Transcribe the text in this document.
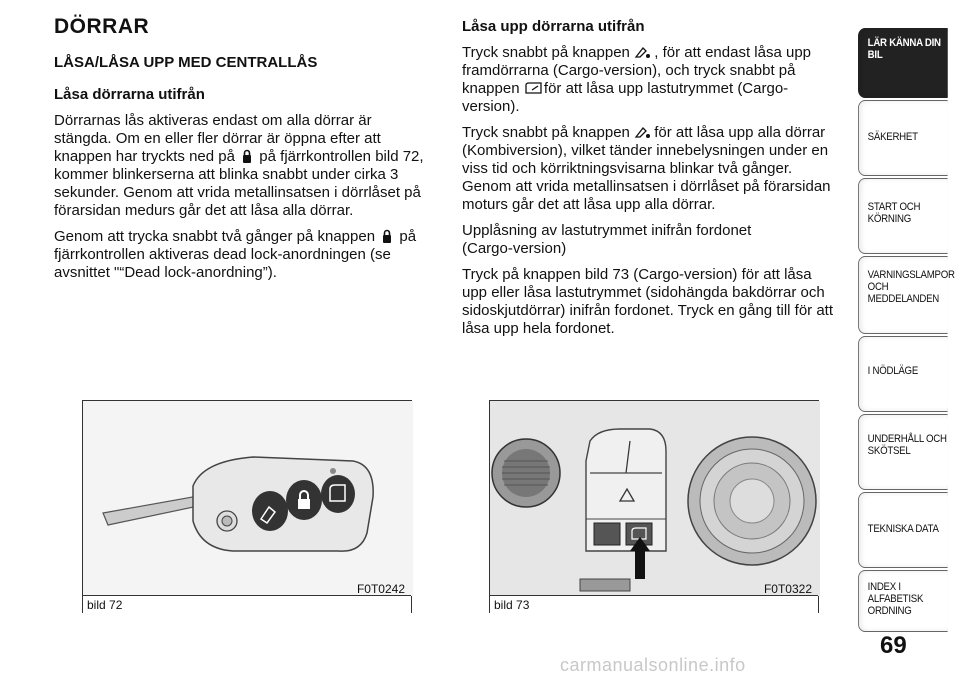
DÖRRAR
LÅSA/LÅSA UPP MED CENTRALLÅS
Låsa dörrarna utifrån

Dörrarnas lås aktiveras endast om alla dörrar är stängda. Om en eller fler dörrar är öppna efter att knappen har tryckts ned på på fjärrkontrollen bild 72, kommer blinkerserna att blinka snabbt under cirka 3 sekunder. Genom att vrida metallinsatsen i dörrlåset på förarsidan medurs går det att låsa alla dörrar.

Genom att trycka snabbt två gånger på knappen på fjärrkontrollen aktiveras dead lock-anordningen (se avsnittet "“Dead lock-anordning”).

Låsa upp dörrarna utifrån

Tryck snabbt på knappen , för att endast låsa upp framdörrarna (Cargo-version), och tryck snabbt på knappen för att låsa upp lastutrymmet (Cargo-version).

Tryck snabbt på knappen för att låsa upp alla dörrar (Kombiversion), vilket tänder innebelysningen under en viss tid och körriktningsvisarna blinkar två gånger. Genom att vrida metallinsatsen i dörrlåset på förarsidan moturs går det att låsa upp alla dörrar.

Upplåsning av lastutrymmet inifrån fordonet

(Cargo-version)

Tryck på knappen bild 73 (Cargo-version) för att låsa upp eller låsa lastutrymmet (sidohängda bakdörrar och sidoskjutdörrar) inifrån fordonet. Tryck en gång till för att låsa upp hela fordonet.

bild 72
F0T0242
bild 73
F0T0322
LÄR KÄNNA DIN BIL
SÄKERHET
START OCH KÖRNING
VARNINGSLAMPOR OCH MEDDELANDEN
I NÖDLÄGE
UNDERHÅLL OCH SKÖTSEL
TEKNISKA DATA
INDEX I ALFABETISK ORDNING
69
carmanualsonline.info
